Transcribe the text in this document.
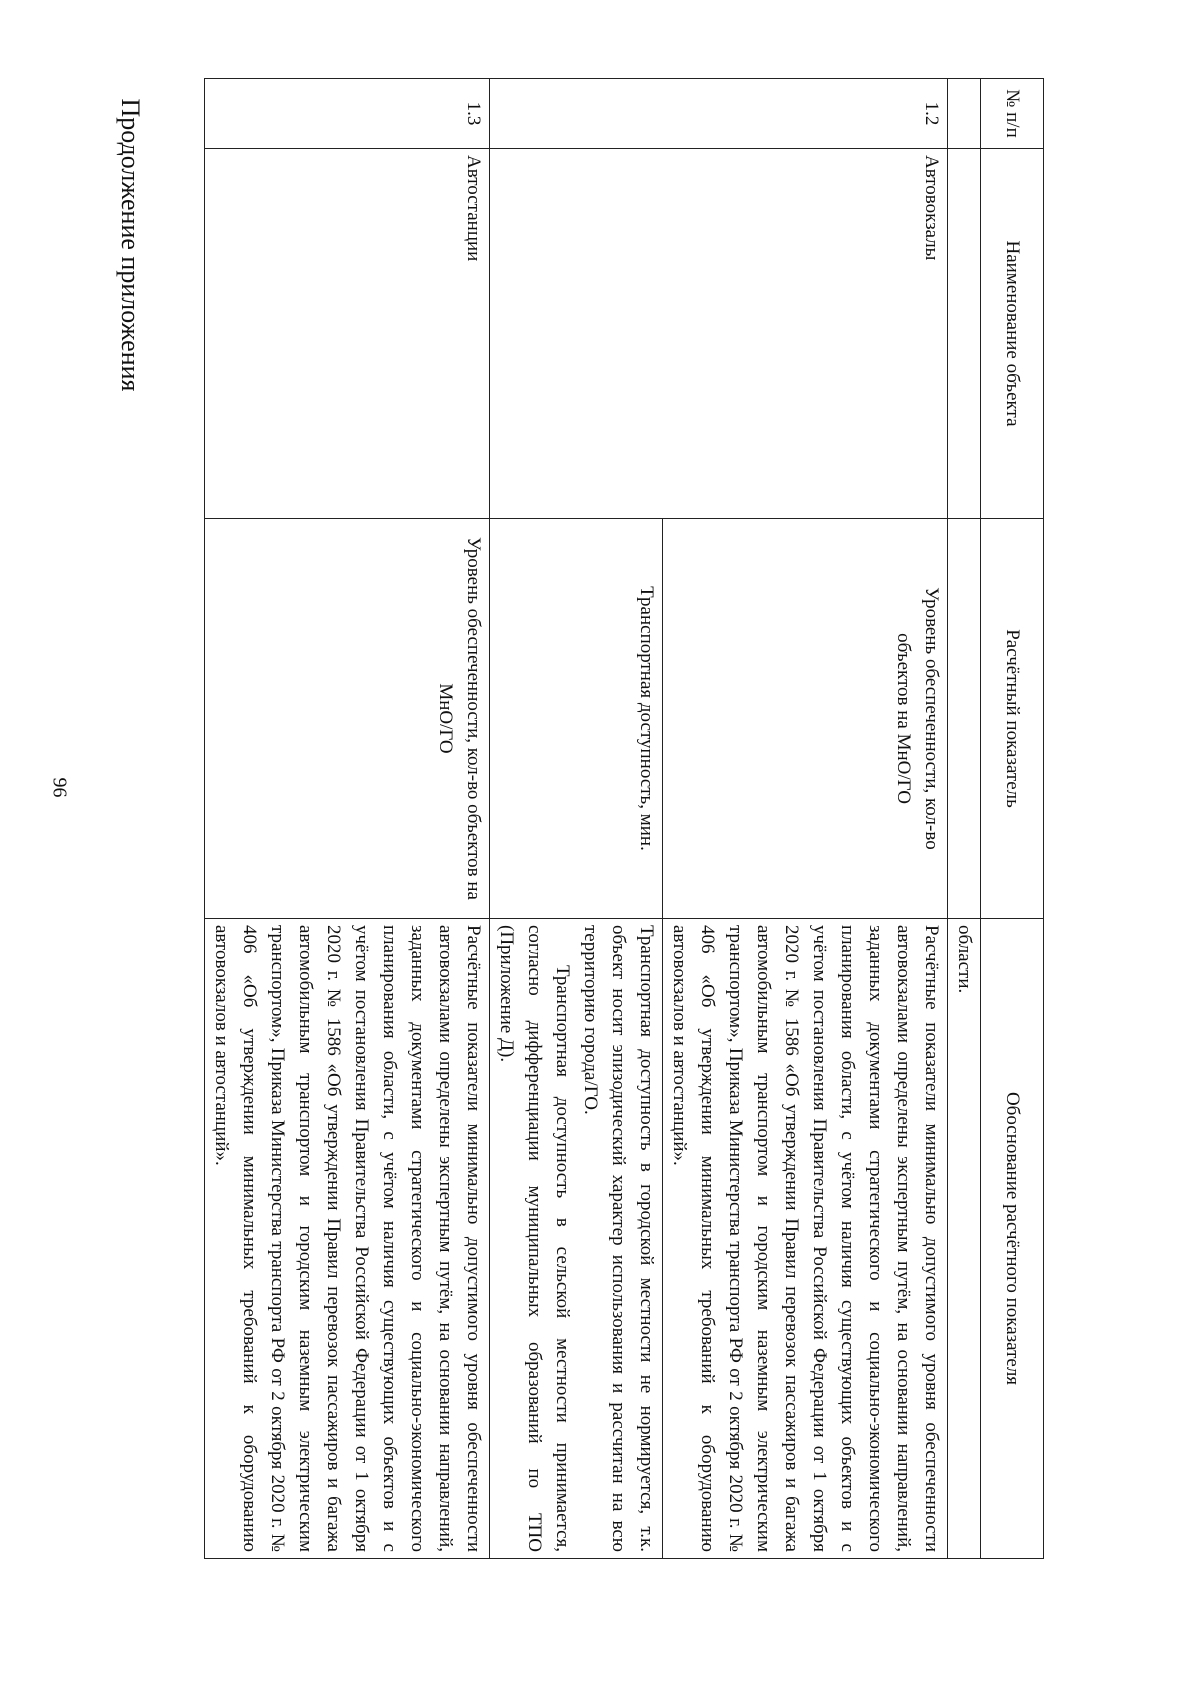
96
Продолжение приложения	№ п/п	Наименование объекта	Расчётный показатель	Обоснование расчётного показателя
			области.
1.2	Автовокзалы	Уровень обеспеченности, кол-во объектов на МнО/ГО	Расчётные показатели минимально допустимого уровня обеспеченности автовокзалами определены экспертным путём, на основании направлений, заданных документами стратегического и социально-экономического планирования области, с учётом наличия существующих объектов и с учётом постановления Правительства Российской Федерации от 1 октября 2020 г. № 1586 «Об утверждении Правил перевозок пассажиров и багажа автомобильным транспортом и городским наземным электрическим транспортом», Приказа Министерства транспорта РФ от 2 октября 2020 г. № 406 «Об утверждении минимальных требований к оборудованию автовокзалов и автостанций».
		Транспортная доступность, мин.	Транспортная доступность в городской местности не нормируется, т.к. объект носит эпизодический характер использования и рассчитан на всю территорию города/ГО.
Транспортная доступность в сельской местности принимается, согласно дифференциации муниципальных образований по ТПО (Приложение Д).

1.3	Автостанции	Уровень обеспеченности, кол-во объектов на МнО/ГО	Расчётные показатели минимально допустимого уровня обеспеченности автовокзалами определены экспертным путём, на основании направлений, заданных документами стратегического и социально-экономического планирования области, с учётом наличия существующих объектов и с учётом постановления Правительства Российской Федерации от 1 октября 2020 г. № 1586 «Об утверждении Правил перевозок пассажиров и багажа автомобильным транспортом и городским наземным электрическим транспортом», Приказа Министерства транспорта РФ от 2 октября 2020 г. № 406 «Об утверждении минимальных требований к оборудованию автовокзалов и автостанций».
